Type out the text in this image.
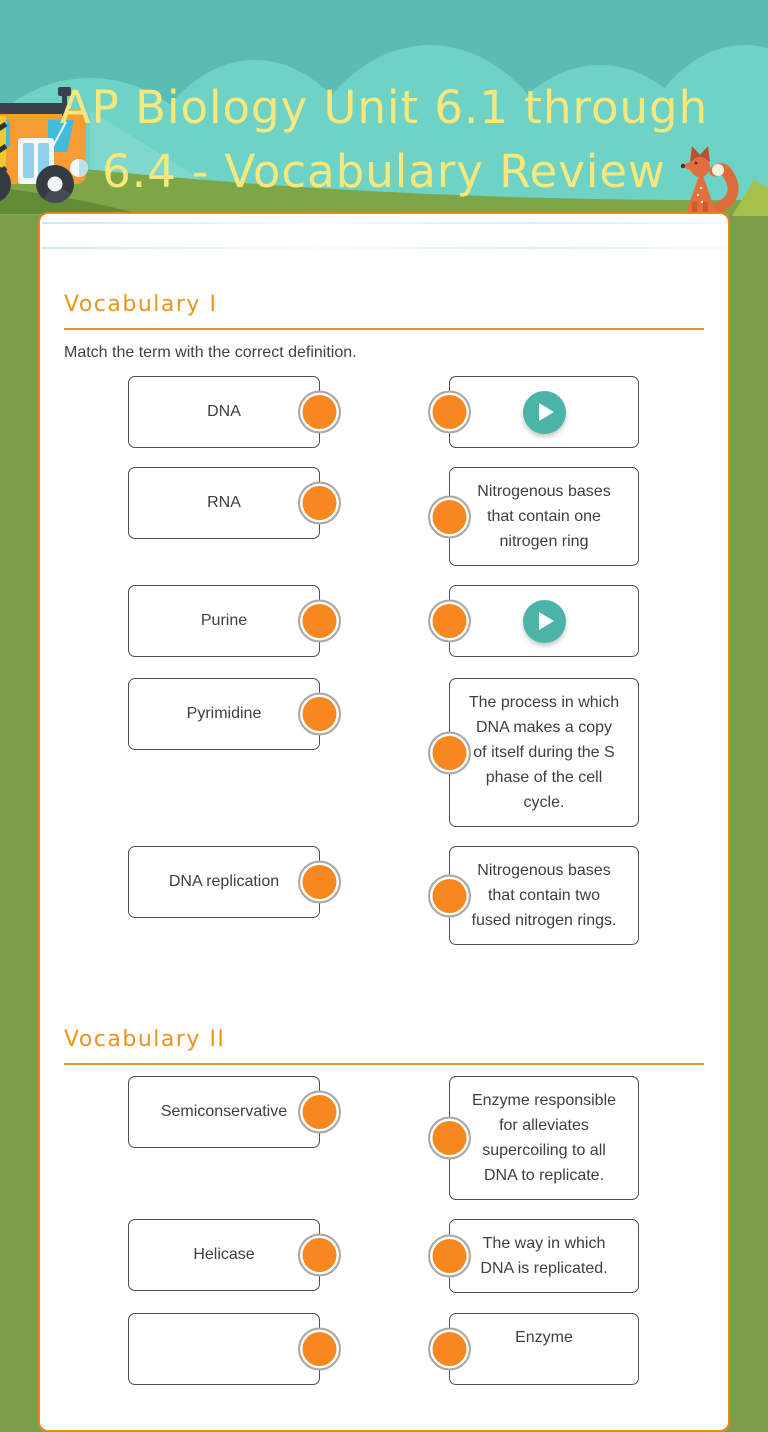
AP Biology Unit 6.1 through
6.4 - Vocabulary Review
Vocabulary I

Match the term with the correct definition.

DNA
RNA
Nitrogenous bases that contain one nitrogen ring
Purine
Pyrimidine
The process in which DNA makes a copy of itself during the S phase of the cell cycle.
DNA replication
Nitrogenous bases that contain two fused nitrogen rings.
Vocabulary II
Semiconservative
Enzyme responsible for alleviates supercoiling to all DNA to replicate.
Helicase
The way in which DNA is replicated.
Enzyme
